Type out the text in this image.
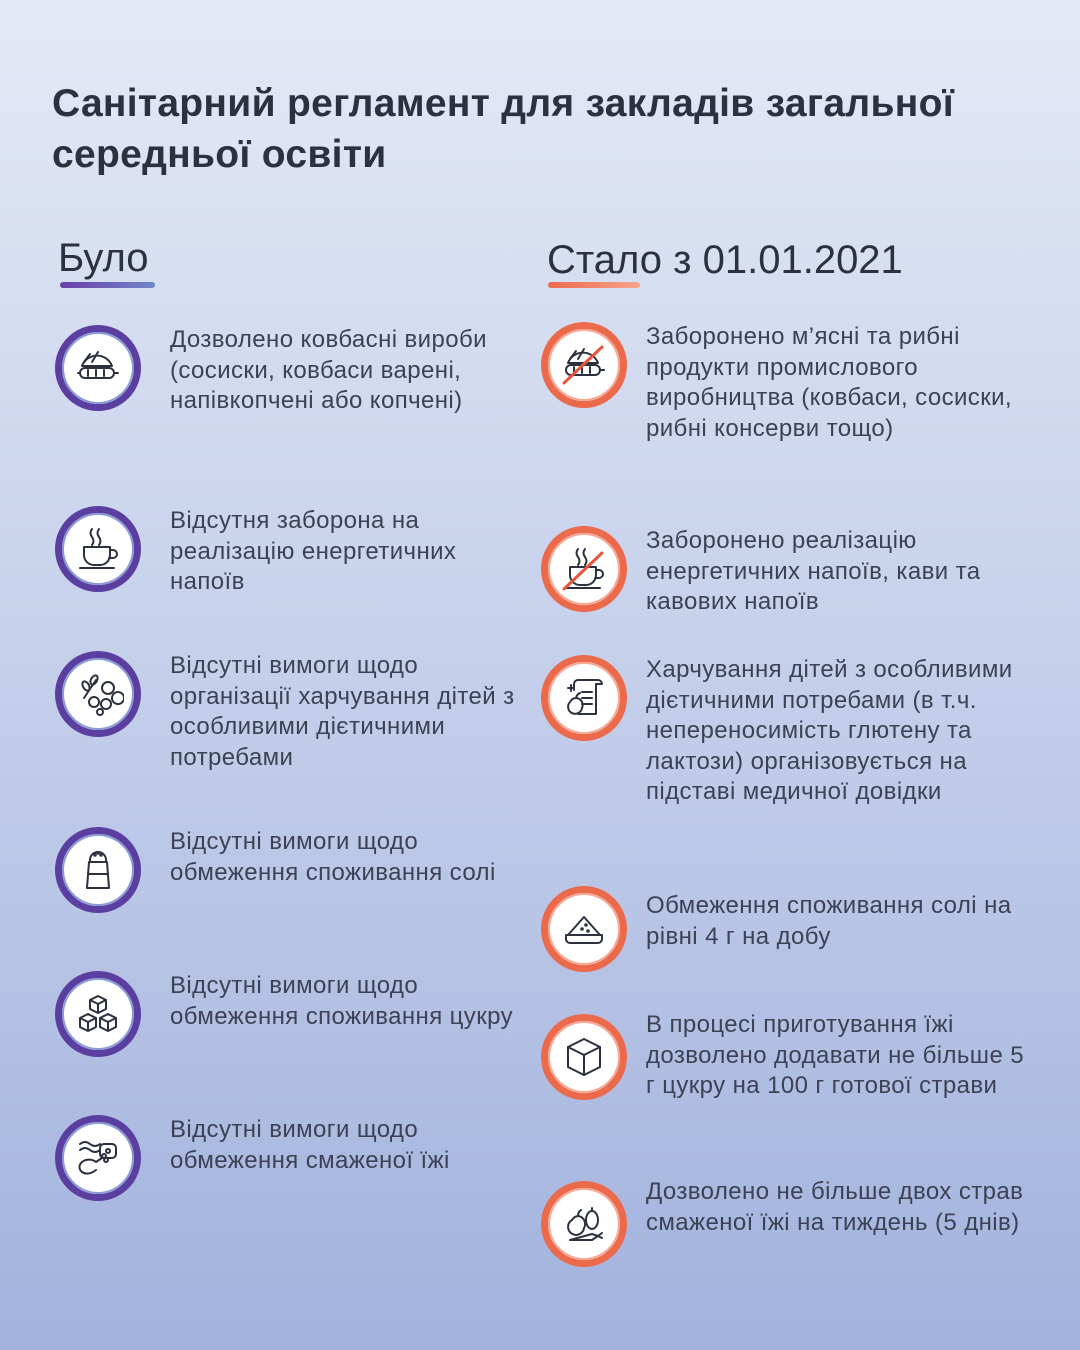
Санітарний регламент для закладів загальної середньої освіти
Було	Стало з 01.01.2021

Дозволено ковбасні вироби (сосиски, ковбаси варені, напівкопчені або копчені)

Відсутня заборона на реалізацію енергетичних напоїв

Відсутні вимоги щодо організації харчування дітей з особливими дієтичними потребами

Відсутні вимоги щодо обмеження споживання солі

Відсутні вимоги щодо обмеження споживання цукру

Відсутні вимоги щодо обмеження смаженої їжі

Заборонено м’ясні та рибні продукти промислового виробництва (ковбаси, сосиски, рибні консерви тощо)

Заборонено реалізацію енергетичних напоїв, кави та кавових напоїв

Харчування дітей з особливими дієтичними потребами (в т.ч. непереносимість глютену та лактози) організовується на підставі медичної довідки

Обмеження споживання солі на рівні 4 г на добу

В процесі приготування їжі дозволено додавати не більше 5 г цукру на 100 г готової страви

Дозволено не більше двох страв смаженої їжі на тиждень (5 днів)
